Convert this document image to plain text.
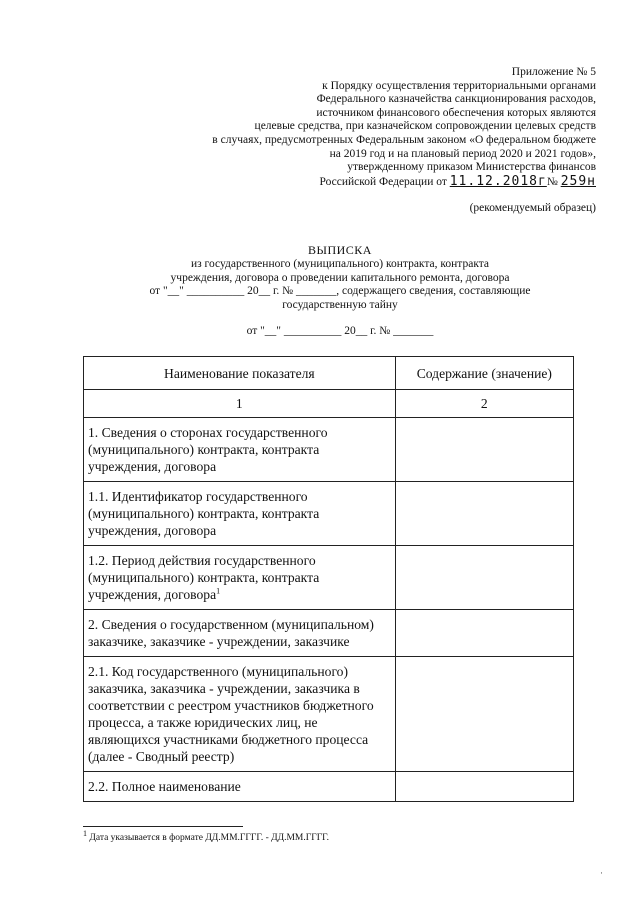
Приложение № 5
к Порядку осуществления территориальными органами
Федерального казначейства санкционирования расходов,
источником финансового обеспечения которых являются
целевые средства, при казначейском сопровождении целевых средств
в случаях, предусмотренных Федеральным законом «О федеральном бюджете
на 2019 год и на плановый период 2020 и 2021 годов»,
утвержденному приказом Министерства финансов
Российской Федерации от 11.12.2018г№ 259н
(рекомендуемый образец)
ВЫПИСКА
из государственного (муниципального) контракта, контракта
учреждения, договора о проведении капитального ремонта, договора
от "__" __________ 20__ г. № _______, содержащего сведения, составляющие
государственную тайну
от "__" __________ 20__ г. № _______
Наименование показателя	Содержание (значение)
1	2
1. Сведения о сторонах государственного (муниципального) контракта, контракта учреждения, договора	
1.1. Идентификатор государственного (муниципального) контракта, контракта учреждения, договора	
1.2. Период действия государственного (муниципального) контракта, контракта учреждения, договора$^1$	
2. Сведения о государственном (муниципальном) заказчике, заказчике - учреждении, заказчике	
2.1. Код государственного (муниципального) заказчика, заказчика - учреждении, заказчика в соответствии с реестром участников бюджетного процесса, а также юридических лиц, не являющихся участниками бюджетного процесса (далее - Сводный реестр)	
2.2. Полное наименование	
$^1$ Дата указывается в формате ДД.ММ.ГГГГ. - ДД.ММ.ГГГГ.
·
